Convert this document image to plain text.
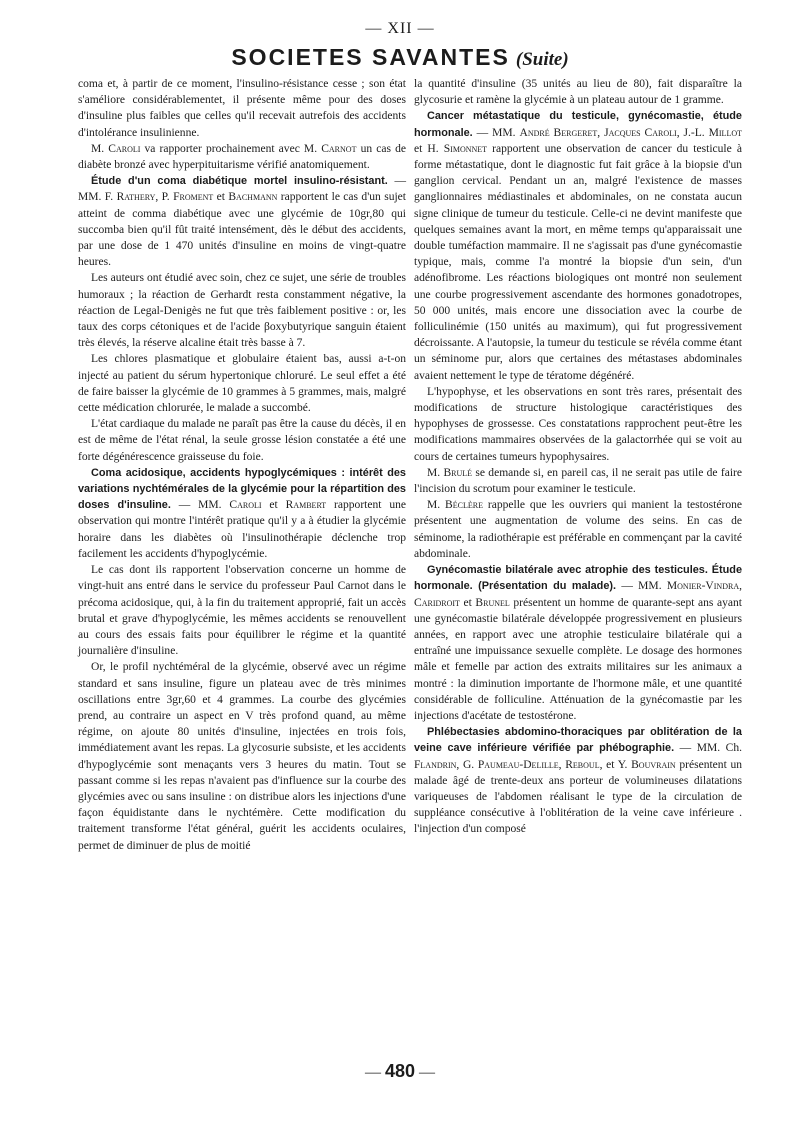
— XII —
SOCIETES SAVANTES (Suite)

coma et, à partir de ce moment, l'insulino-résistance cesse ; son état s'améliore considérablementet, il présente même pour des doses d'insuline plus faibles que celles qu'il recevait autrefois des accidents d'intolérance insulinienne.

M. Caroli va rapporter prochainement avec M. Carnot un cas de diabète bronzé avec hyperpituitarisme vérifié anatomiquement.

Étude d'un coma diabétique mortel insulino-résistant. — MM. F. Rathery, P. Froment et Bachmann rapportent le cas d'un sujet atteint de comma diabétique avec une glycémie de 10gr,80 qui succomba bien qu'il fût traité intensément, dès le début des accidents, par une dose de 1 470 unités d'insuline en moins de vingt-quatre heures.

Les auteurs ont étudié avec soin, chez ce sujet, une série de troubles humoraux ; la réaction de Gerhardt resta constamment négative, la réaction de Legal-Denigès ne fut que très faiblement positive : or, les taux des corps cétoniques et de l'acide βoxybutyrique sanguin étaient très élevés, la réserve alcaline était très basse à 7.

Les chlores plasmatique et globulaire étaient bas, aussi a-t-on injecté au patient du sérum hypertonique chloruré. Le seul effet a été de faire baisser la glycémie de 10 grammes à 5 grammes, mais, malgré cette médication chlorurée, le malade a succombé.

L'état cardiaque du malade ne paraît pas être la cause du décès, il en est de même de l'état rénal, la seule grosse lésion constatée a été une forte dégénérescence graisseuse du foie.

Coma acidosique, accidents hypoglycémiques : intérêt des variations nychtémérales de la glycémie pour la répartition des doses d'insuline. — MM. Caroli et Rambert rapportent une observation qui montre l'intérêt pratique qu'il y a à étudier la glycémie horaire dans les diabètes où l'insulinothérapie déclenche trop facilement les accidents d'hypoglycémie.

Le cas dont ils rapportent l'observation concerne un homme de vingt-huit ans entré dans le service du professeur Paul Carnot dans le précoma acidosique, qui, à la fin du traitement approprié, fait un accès brutal et grave d'hypoglycémie, les mêmes accidents se renouvellent au cours des essais faits pour équilibrer le régime et la quantité journalière d'insuline.

Or, le profil nychtéméral de la glycémie, observé avec un régime standard et sans insuline, figure un plateau avec de très minimes oscillations entre 3gr,60 et 4 grammes. La courbe des glycémies prend, au contraire un aspect en V très profond quand, au même régime, on ajoute 80 unités d'insuline, injectées en trois fois, immédiatement avant les repas. La glycosurie subsiste, et les accidents d'hypoglycémie sont menaçants vers 3 heures du matin. Tout se passant comme si les repas n'avaient pas d'influence sur la courbe des glycémies avec ou sans insuline : on distribue alors les injections d'une façon équidistante dans le nychtémère. Cette modification du traitement transforme l'état général, guérit les accidents oculaires, permet de diminuer de plus de moitié

la quantité d'insuline (35 unités au lieu de 80), fait disparaître la glycosurie et ramène la glycémie à un plateau autour de 1 gramme.

Cancer métastatique du testicule, gynécomastie, étude hormonale. — MM. André Bergeret, Jacques Caroli, J.-L. Millot et H. Simonnet rapportent une observation de cancer du testicule à forme métastatique, dont le diagnostic fut fait grâce à la biopsie d'un ganglion cervical. Pendant un an, malgré l'existence de masses ganglionnaires médiastinales et abdominales, on ne constata aucun signe clinique de tumeur du testicule. Celle-ci ne devint manifeste que quelques semaines avant la mort, en même temps qu'apparaissait une double tuméfaction mammaire. Il ne s'agissait pas d'une gynécomastie typique, mais, comme l'a montré la biopsie d'un sein, d'un adénofibrome. Les réactions biologiques ont montré non seulement une courbe progressivement ascendante des hormones gonadotropes, 50 000 unités, mais encore une dissociation avec la courbe de folliculinémie (150 unités au maximum), qui fut progressivement décroissante. A l'autopsie, la tumeur du testicule se révéla comme étant un séminome pur, alors que certaines des métastases abdominales avaient nettement le type de tératome dégénéré.

L'hypophyse, et les observations en sont très rares, présentait des modifications de structure histologique caractéristiques des hypophyses de grossesse. Ces constatations rapprochent peut-être les modifications mammaires observées de la galactorrhée qui se voit au cours de certaines tumeurs hypophysaires.

M. Brulé se demande si, en pareil cas, il ne serait pas utile de faire l'incision du scrotum pour examiner le testicule.

M. Béclère rappelle que les ouvriers qui manient la testostérone présentent une augmentation de volume des seins. En cas de séminome, la radiothérapie est préférable en commençant par la cavité abdominale.

Gynécomastie bilatérale avec atrophie des testicules. Étude hormonale. (Présentation du malade). — MM. Monier-Vindra, Caridroit et Brunel présentent un homme de quarante-sept ans ayant une gynécomastie bilatérale développée progressivement en plusieurs années, en rapport avec une atrophie testiculaire bilatérale qui a entraîné une impuissance sexuelle complète. Le dosage des hormones mâle et femelle par action des extraits militaires sur les animaux a montré : la diminution importante de l'hormone mâle, et une quantité considérable de folliculine. Atténuation de la gynécomastie par les injections d'acétate de testostérone.

Phlébectasies abdomino-thoraciques par oblitération de la veine cave inférieure vérifiée par phébographie. — MM. Ch. Flandrin, G. Paumeau-Delille, Reboul, et Y. Bouvrain présentent un malade âgé de trente-deux ans porteur de volumineuses dilatations variqueuses de l'abdomen réalisant le type de la circulation de suppléance consécutive à l'oblitération de la veine cave inférieure . l'injection d'un composé

— 480 —
